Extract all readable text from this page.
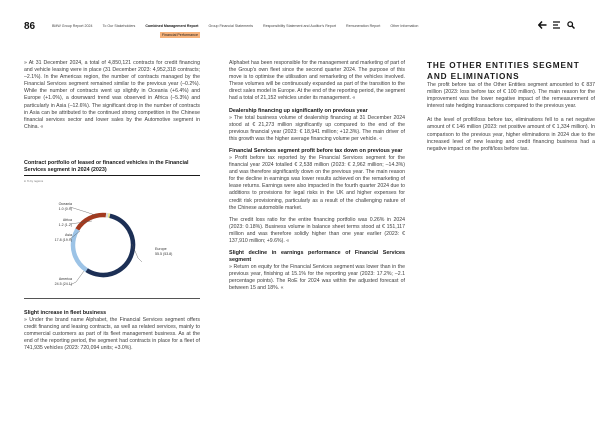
86	BMW Group Report 2024	To Our Stakeholders	Combined Management Report	Group Financial Statements	Responsibility Statement and Auditor's Report	Remuneration Report	Other Information
Financial Performance

» At 31 December 2024, a total of 4,850,121 contracts for credit financing and vehicle leasing were in place (31 December 2023: 4,952,318 contracts; –2.1%). In the Americas region, the number of contracts managed by the Financial Services segment remained similar to the previous year (–0.2%). While the number of contracts went up slightly in Oceania (+6.4%) and Europe (+1.0%), a downward trend was observed in Africa (–5.3%) and particularly in Asia (–12.6%). The significant drop in the number of contracts in Asia can be attributed to the continued strong competition in the Chinese financial services sector and lower sales by the Automotive segment in China. «

Contract portfolio of leased or financed vehicles in the Financial Services segment in 2024 (2023)
in % by regions
Oceania
1.0 (0.9)
Africa
1.2 (1.2)
Asia
17.8 (19.9)
Europe
55.5 (53.8)
America
24.5 (24.1)
Slight increase in fleet business

» Under the brand name Alphabet, the Financial Services segment offers credit financing and leasing contracts, as well as related services, mainly to commercial customers as part of its fleet management business. As at the end of the reporting period, the segment had contracts in place for a fleet of 741,935 vehicles (2023: 720,094 units; +3.0%).

Alphabet has been responsible for the management and marketing of part of the Group's own fleet since the second quarter 2024. The purpose of this move is to optimise the utilisation and remarketing of the vehicles involved. These volumes will be continuously expanded as part of the transition to the direct sales model in Europe. At the end of the reporting period, the segment had a total of 21,152 vehicles under its management. «

Dealership financing up significantly on previous year

» The total business volume of dealership financing at 31 December 2024 stood at € 21,273 million significantly up compared to the end of the previous financial year (2023: € 18,941 million; +12.3%). The main driver of this growth was the higher average financing volume per vehicle. «

Financial Services segment profit before tax down on previous year

» Profit before tax reported by the Financial Services segment for the financial year 2024 totalled € 2,538 million (2023: € 2,962 million; –14.3%) and was therefore significantly down on the previous year. The main reason for the decline in earnings was lower results achieved on the remarketing of lease returns. Earnings were also impacted in the fourth quarter 2024 due to additions to provisions for legal risks in the UK and higher expenses for credit risk provisioning, particularly as a result of the challenging nature of the Chinese automobile market.

The credit loss ratio for the entire financing portfolio was 0.26% in 2024 (2023: 0.18%). Business volume in balance sheet terms stood at € 151,117 million and was therefore solidly higher than one year earlier (2023: € 137,910 million; +9.6%). «

Slight decline in earnings performance of Financial Services segment

» Return on equity for the Financial Services segment was lower than in the previous year, finishing at 15.1% for the reporting year (2023: 17.2%; –2.1 percentage points). The RoE for 2024 was within the adjusted forecast of between 15 and 18%. «

THE OTHER ENTITIES SEGMENT
AND ELIMINATIONS

The profit before tax of the Other Entities segment amounted to € 837 million (2023: loss before tax of € 100 million). The main reason for the improvement was the lower negative impact of the remeasurement of interest rate hedging transactions compared to the previous year.

At the level of profit/loss before tax, eliminations fell to a net negative amount of € 146 million (2023: net positive amount of € 1,334 million). In comparison to the previous year, higher eliminations in 2024 due to the increased level of new leasing and credit financing business had a negative impact on the profit/loss before tax.
